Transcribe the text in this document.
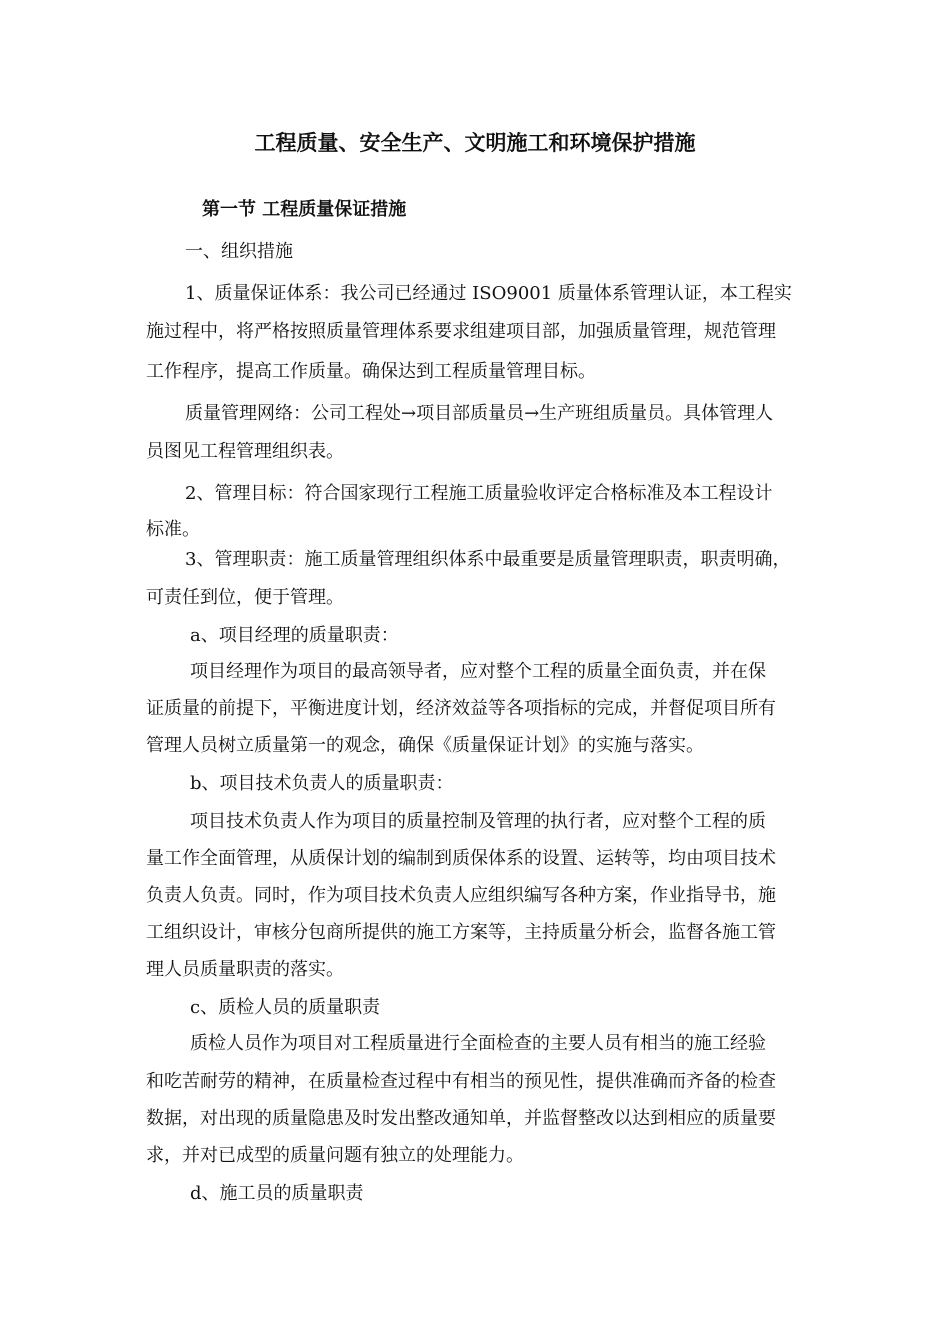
工程质量、安全生产、文明施工和环境保护措施
第一节 工程质量保证措施
一、组织措施
1、质量保证体系：我公司已经通过 ISO9001 质量体系管理认证，本工程实
施过程中，将严格按照质量管理体系要求组建项目部，加强质量管理，规范管理
工作程序，提高工作质量。确保达到工程质量管理目标。
质量管理网络：公司工程处→项目部质量员→生产班组质量员。具体管理人
员图见工程管理组织表。
2、管理目标：符合国家现行工程施工质量验收评定合格标准及本工程设计
标准。
3、管理职责：施工质量管理组织体系中最重要是质量管理职责，职责明确，
可责任到位，便于管理。
a、项目经理的质量职责：
项目经理作为项目的最高领导者，应对整个工程的质量全面负责，并在保
证质量的前提下，平衡进度计划，经济效益等各项指标的完成，并督促项目所有
管理人员树立质量第一的观念，确保《质量保证计划》的实施与落实。
b、项目技术负责人的质量职责：
项目技术负责人作为项目的质量控制及管理的执行者，应对整个工程的质
量工作全面管理，从质保计划的编制到质保体系的设置、运转等，均由项目技术
负责人负责。同时，作为项目技术负责人应组织编写各种方案，作业指导书，施
工组织设计，审核分包商所提供的施工方案等，主持质量分析会，监督各施工管
理人员质量职责的落实。
c、质检人员的质量职责
质检人员作为项目对工程质量进行全面检查的主要人员有相当的施工经验
和吃苦耐劳的精神，在质量检查过程中有相当的预见性，提供准确而齐备的检查
数据，对出现的质量隐患及时发出整改通知单，并监督整改以达到相应的质量要
求，并对已成型的质量问题有独立的处理能力。
d、施工员的质量职责
